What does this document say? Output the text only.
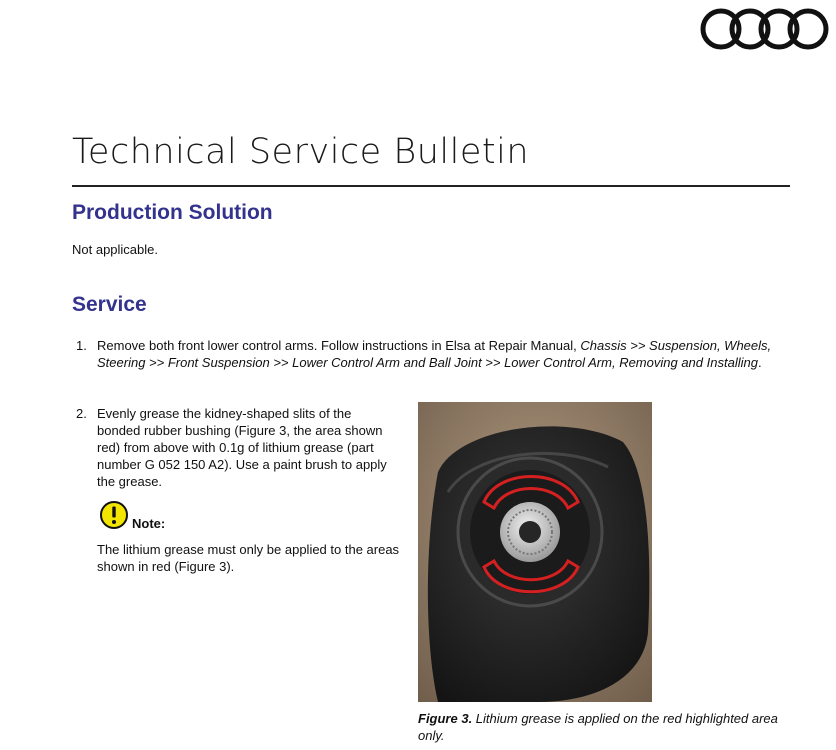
Technical Service Bulletin
Production Solution

Not applicable.

Service
1. Remove both front lower control arms. Follow instructions in Elsa at Repair Manual, Chassis >> Suspension, Wheels, Steering >> Front Suspension >> Lower Control Arm and Ball Joint >> Lower Control Arm, Removing and Installing.
2. Evenly grease the kidney-shaped slits of the bonded rubber bushing (Figure 3, the area shown red) from above with 0.1g of lithium grease (part number G 052 150 A2). Use a paint brush to apply the grease.
Note:
The lithium grease must only be applied to the areas shown in red (Figure 3).
Figure 3. Lithium grease is applied on the red highlighted area only.
